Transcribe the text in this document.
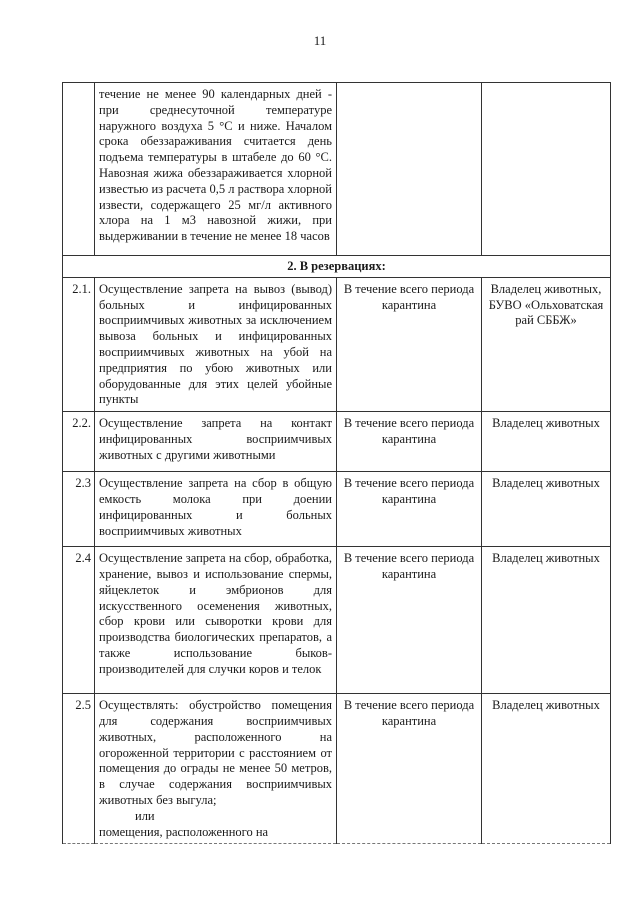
11
	течение не менее 90 календарных дней - при среднесуточной температуре наружного воздуха 5 °С и ниже. Началом срока обеззараживания считается день подъема температуры в штабеле до 60 °С. Навозная жижа обеззараживается хлорной известью из расчета 0,5 л раствора хлорной извести, содержащего 25 мг/л активного хлора на 1 м3 навозной жижи, при выдерживании в течение не менее 18 часов		
2. В резервациях:			
2.1.	Осуществление запрета на вывоз (вывод) больных и инфицированных восприимчивых животных за исключением вывоза больных и инфицированных восприимчивых животных на убой на предприятия по убою животных или оборудованные для этих целей убойные пункты	В течение всего периода карантина	Владелец животных, БУВО «Ольховатская рай СББЖ»
2.2.	Осуществление запрета на контакт инфицированных восприимчивых животных с другими животными	В течение всего периода карантина	Владелец животных
2.3	Осуществление запрета на сбор в общую емкость молока при доении инфицированных и больных восприимчивых животных	В течение всего периода карантина	Владелец животных
2.4	Осуществление запрета на сбор, обработка, хранение, вывоз и использование спермы, яйцеклеток и эмбрионов для искусственного осеменения животных, сбор крови или сыворотки крови для производства биологических препаратов, а также использование быков-производителей для случки коров и телок	В течение всего периода карантина	Владелец животных
2.5	Осуществлять: обустройство помещения для содержания восприимчивых животных, расположенного на огороженной территории с расстоянием от помещения до ограды не менее 50 метров, в случае содержания восприимчивых животных без выгула;
или
помещения, расположенного на	В течение всего периода карантина	Владелец животных
